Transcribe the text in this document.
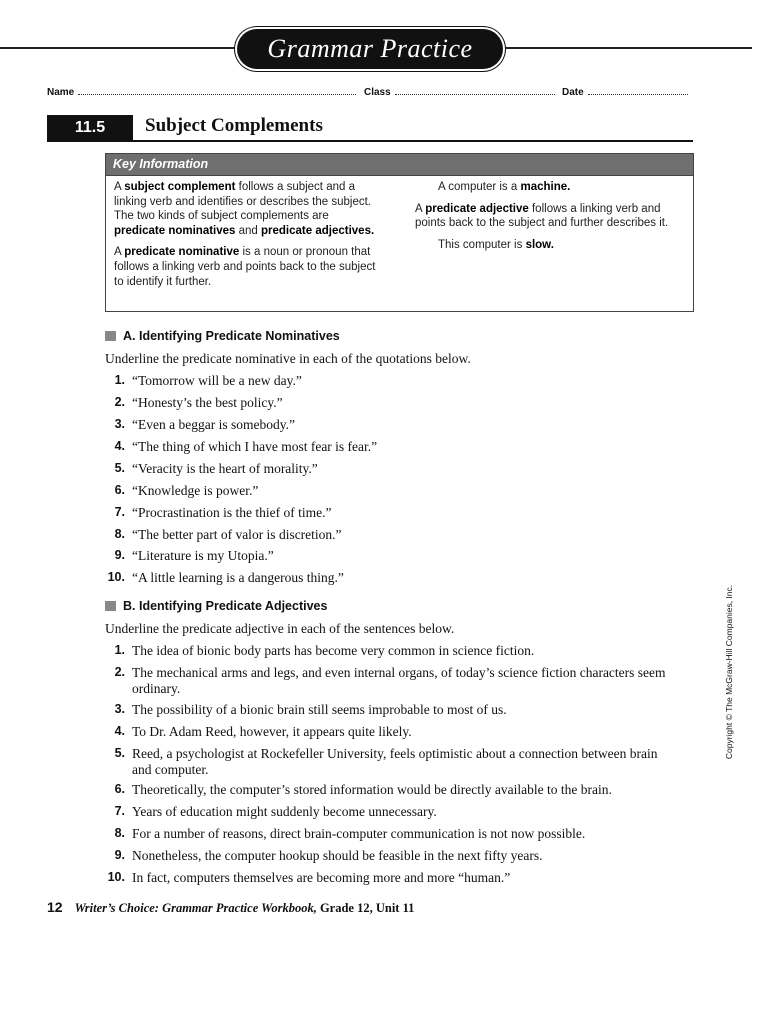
Grammar Practice
Name	Class	Date
11.5	Subject Complements
Key Information

A subject complement follows a subject and a linking verb and identifies or describes the subject. The two kinds of subject complements are predicate nominatives and predicate adjectives.

A predicate nominative is a noun or pronoun that follows a linking verb and points back to the subject to identify it further.

A computer is a machine.

A predicate adjective follows a linking verb and points back to the subject and further describes it.

This computer is slow.

A. Identifying Predicate Nominatives
Underline the predicate nominative in each of the quotations below.
1. “Tomorrow will be a new day.”
2. “Honesty’s the best policy.”
3. “Even a beggar is somebody.”
4. “The thing of which I have most fear is fear.”
5. “Veracity is the heart of morality.”
6. “Knowledge is power.”
7. “Procrastination is the thief of time.”
8. “The better part of valor is discretion.”
9. “Literature is my Utopia.”
10. “A little learning is a dangerous thing.”
B. Identifying Predicate Adjectives
Underline the predicate adjective in each of the sentences below.
1. The idea of bionic body parts has become very common in science fiction.
2. The mechanical arms and legs, and even internal organs, of today’s science fiction characters seem ordinary.
3. The possibility of a bionic brain still seems improbable to most of us.
4. To Dr. Adam Reed, however, it appears quite likely.
5. Reed, a psychologist at Rockefeller University, feels optimistic about a connection between brain and computer.
6. Theoretically, the computer’s stored information would be directly available to the brain.
7. Years of education might suddenly become unnecessary.
8. For a number of reasons, direct brain-computer communication is not now possible.
9. Nonetheless, the computer hookup should be feasible in the next fifty years.
10. In fact, computers themselves are becoming more and more “human.”
12 Writer’s Choice: Grammar Practice Workbook, Grade 12, Unit 11
Copyright © The McGraw-Hill Companies, Inc.
